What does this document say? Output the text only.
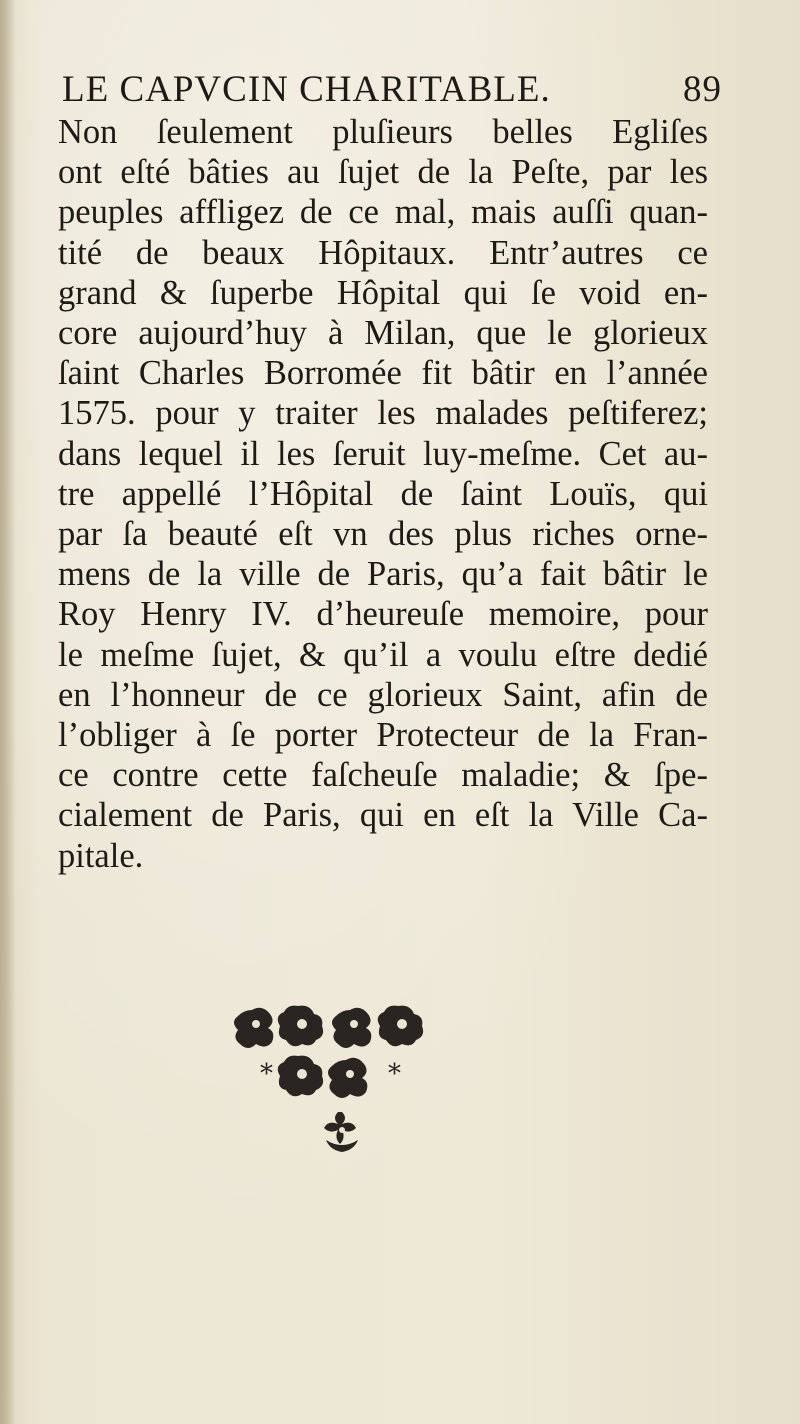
LE CAPVCIN CHARITABLE.	89
Non ſeulement pluſieurs belles Egliſes
ont eſté bâties au ſujet de la Peſte, par les
peuples affligez de ce mal, mais auſſi quan-
tité de beaux Hôpitaux. Entr’autres ce
grand & ſuperbe Hôpital qui ſe void en-
core aujourd’huy à Milan, que le glorieux
ſaint Charles Borromée fit bâtir en l’année
1575. pour y traiter les malades peſtiferez;
dans lequel il les ſeruit luy-meſme. Cet au-
tre appellé l’Hôpital de ſaint Louïs, qui
par ſa beauté eſt vn des plus riches orne-
mens de la ville de Paris, qu’a fait bâtir le
Roy Henry IV. d’heureuſe memoire, pour
le meſme ſujet, & qu’il a voulu eſtre dedié
en l’honneur de ce glorieux Saint, afin de
l’obliger à ſe porter Protecteur de la Fran-
ce contre cette faſcheuſe maladie; & ſpe-
cialement de Paris, qui en eſt la Ville Ca-
pitale.
*	*
